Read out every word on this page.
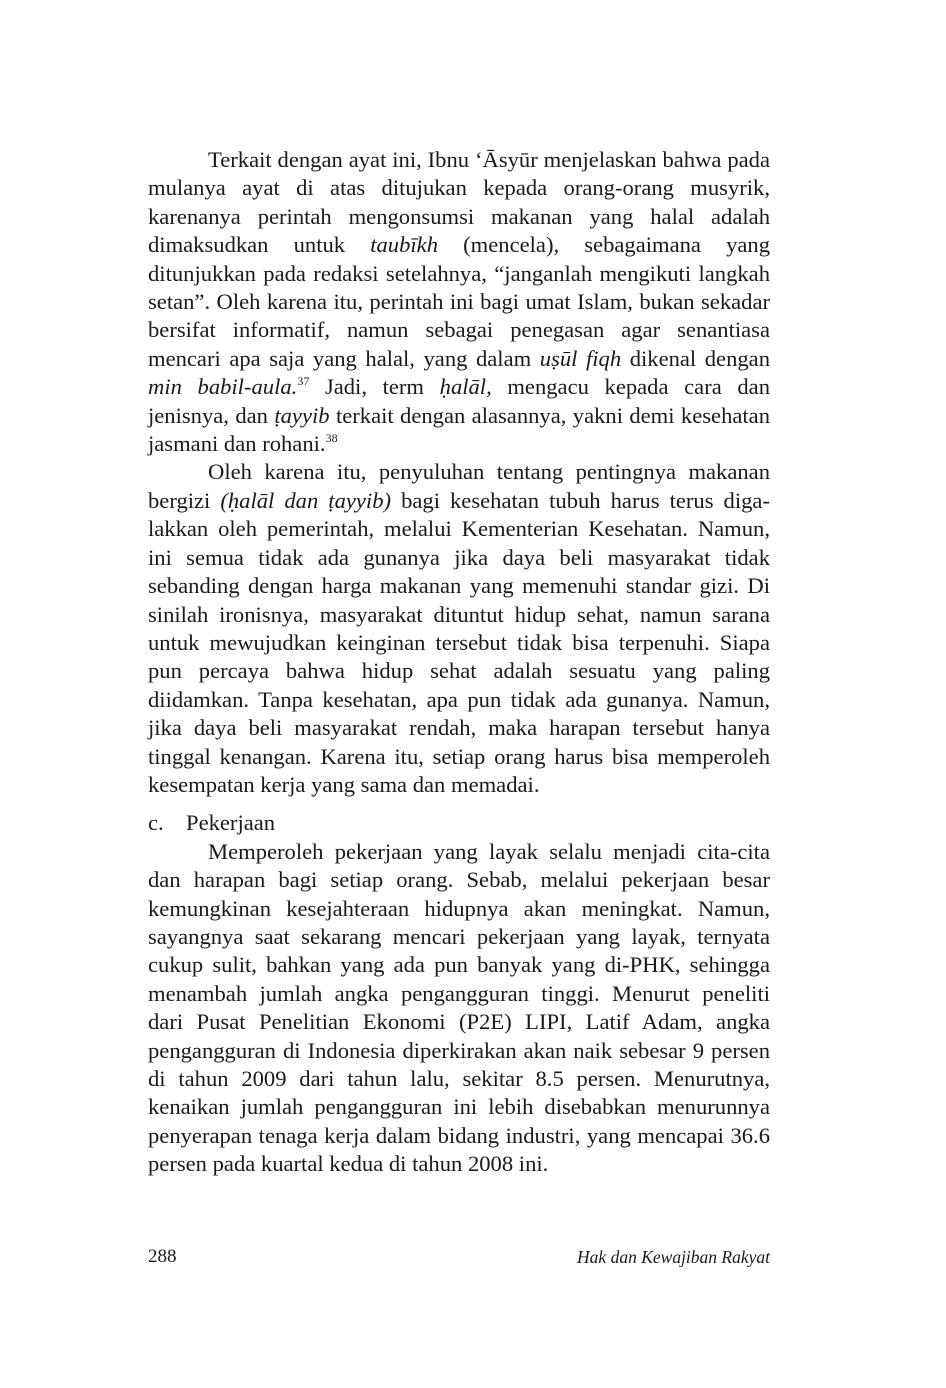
Terkait dengan ayat ini, Ibnu ‘Āsyūr menjelaskan bahwa pada mulanya ayat di atas ditujukan kepada orang-orang musyrik, karenanya perintah mengonsumsi makanan yang halal adalah dimaksudkan untuk taubīkh (mencela), sebagaimana yang ditunjukkan pada redaksi setelahnya, “janganlah mengikuti langkah setan”. Oleh karena itu, perintah ini bagi umat Islam, bukan sekadar bersifat informatif, namun sebagai penegasan agar senantiasa mencari apa saja yang halal, yang dalam uṣūl fiqh dikenal dengan min babil-aula.$^{37}$ Jadi, term ḥalāl, mengacu kepada cara dan jenisnya, dan ṭayyib terkait dengan alasannya, yakni demi kesehatan jasmani dan rohani.$^{38}$

Oleh karena itu, penyuluhan tentang pentingnya makanan bergizi (ḥalāl dan ṭayyib) bagi kesehatan tubuh harus terus digalakkan oleh pemerintah, melalui Kementerian Kesehatan. Namun, ini semua tidak ada gunanya jika daya beli masyarakat tidak sebanding dengan harga makanan yang memenuhi standar gizi. Di sinilah ironisnya, masyarakat dituntut hidup sehat, namun sarana untuk mewujudkan keinginan tersebut tidak bisa terpenuhi. Siapa pun percaya bahwa hidup sehat adalah sesuatu yang paling diidamkan. Tanpa kesehatan, apa pun tidak ada gunanya. Namun, jika daya beli masyarakat rendah, maka harapan tersebut hanya tinggal kenangan. Karena itu, setiap orang harus bisa memperoleh kesempatan kerja yang sama dan memadai.

c. Pekerjaan

Memperoleh pekerjaan yang layak selalu menjadi cita-cita dan harapan bagi setiap orang. Sebab, melalui pekerjaan besar kemungkinan kesejahteraan hidupnya akan meningkat. Namun, sayangnya saat sekarang mencari pekerjaan yang layak, ternyata cukup sulit, bahkan yang ada pun banyak yang di-PHK, sehingga menambah jumlah angka pengangguran tinggi. Menurut peneliti dari Pusat Penelitian Ekonomi (P2E) LIPI, Latif Adam, angka pengangguran di Indonesia diperkirakan akan naik sebesar 9 persen di tahun 2009 dari tahun lalu, sekitar 8.5 persen. Menurutnya, kenaikan jumlah pengangguran ini lebih disebabkan menurunnya penyerapan tenaga kerja dalam bidang industri, yang mencapai 36.6 persen pada kuartal kedua di tahun 2008 ini.

288	Hak dan Kewajiban Rakyat
